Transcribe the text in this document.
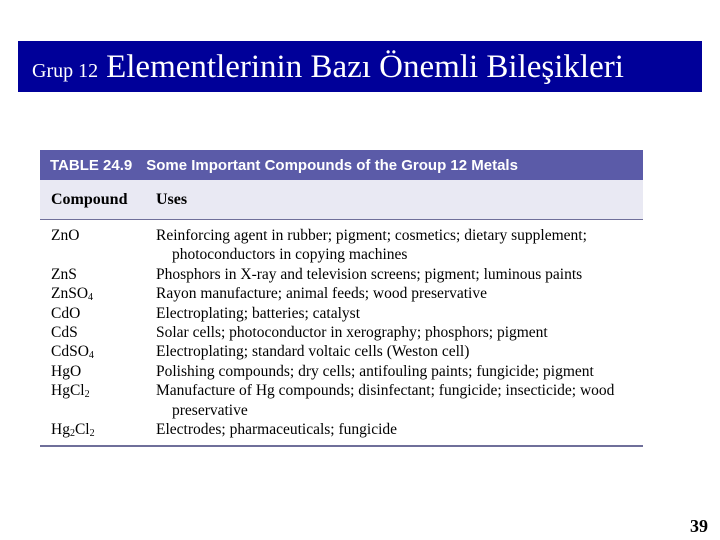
Grup 12 Elementlerinin Bazı Önemli Bileşikleri
TABLE 24.9 Some Important Compounds of the Group 12 Metals
Compound	Uses
ZnO	Reinforcing agent in rubber; pigment; cosmetics; dietary supplement; photoconductors in copying machines
ZnS	Phosphors in X-ray and television screens; pigment; luminous paints
ZnSO$_4$	Rayon manufacture; animal feeds; wood preservative
CdO	Electroplating; batteries; catalyst
CdS	Solar cells; photoconductor in xerography; phosphors; pigment
CdSO$_4$	Electroplating; standard voltaic cells (Weston cell)
HgO	Polishing compounds; dry cells; antifouling paints; fungicide; pigment
HgCl$_2$	Manufacture of Hg compounds; disinfectant; fungicide; insecticide; wood preservative
$Hg_2Cl_2$	Electrodes; pharmaceuticals; fungicide
39
